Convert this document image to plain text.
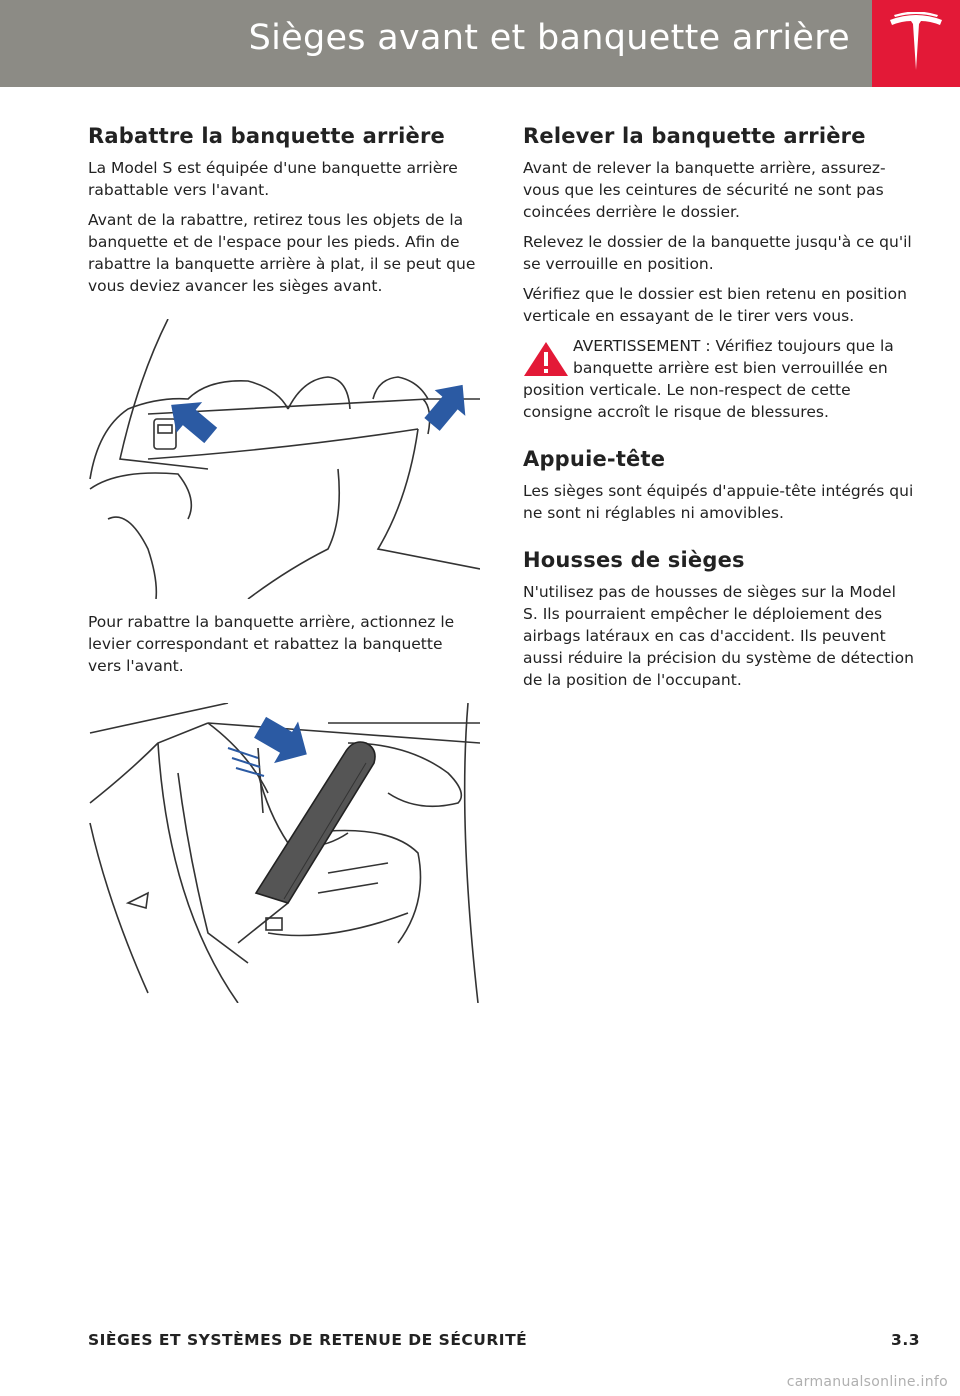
Sièges avant et banquette arrière
Rabattre la banquette arrière

La Model S est équipée d'une banquette arrière rabattable vers l'avant.

Avant de la rabattre, retirez tous les objets de la banquette et de l'espace pour les pieds. Afin de rabattre la banquette arrière à plat, il se peut que vous deviez avancer les sièges avant.

Pour rabattre la banquette arrière, actionnez le levier correspondant et rabattez la banquette vers l'avant.

Relever la banquette arrière

Avant de relever la banquette arrière, assurez-vous que les ceintures de sécurité ne sont pas coincées derrière le dossier.

Relevez le dossier de la banquette jusqu'à ce qu'il se verrouille en position.

Vérifiez que le dossier est bien retenu en position verticale en essayant de le tirer vers vous.

AVERTISSEMENT : Vérifiez toujours que la banquette arrière est bien verrouillée en position verticale. Le non-respect de cette consigne accroît le risque de blessures.

Appuie-tête

Les sièges sont équipés d'appuie-tête intégrés qui ne sont ni réglables ni amovibles.

Housses de sièges

N'utilisez pas de housses de sièges sur la Model S. Ils pourraient empêcher le déploiement des airbags latéraux en cas d'accident. Ils peuvent aussi réduire la précision du système de détection de la position de l'occupant.

SIÈGES ET SYSTÈMES DE RETENUE DE SÉCURITÉ	3.3
carmanualsonline.info
